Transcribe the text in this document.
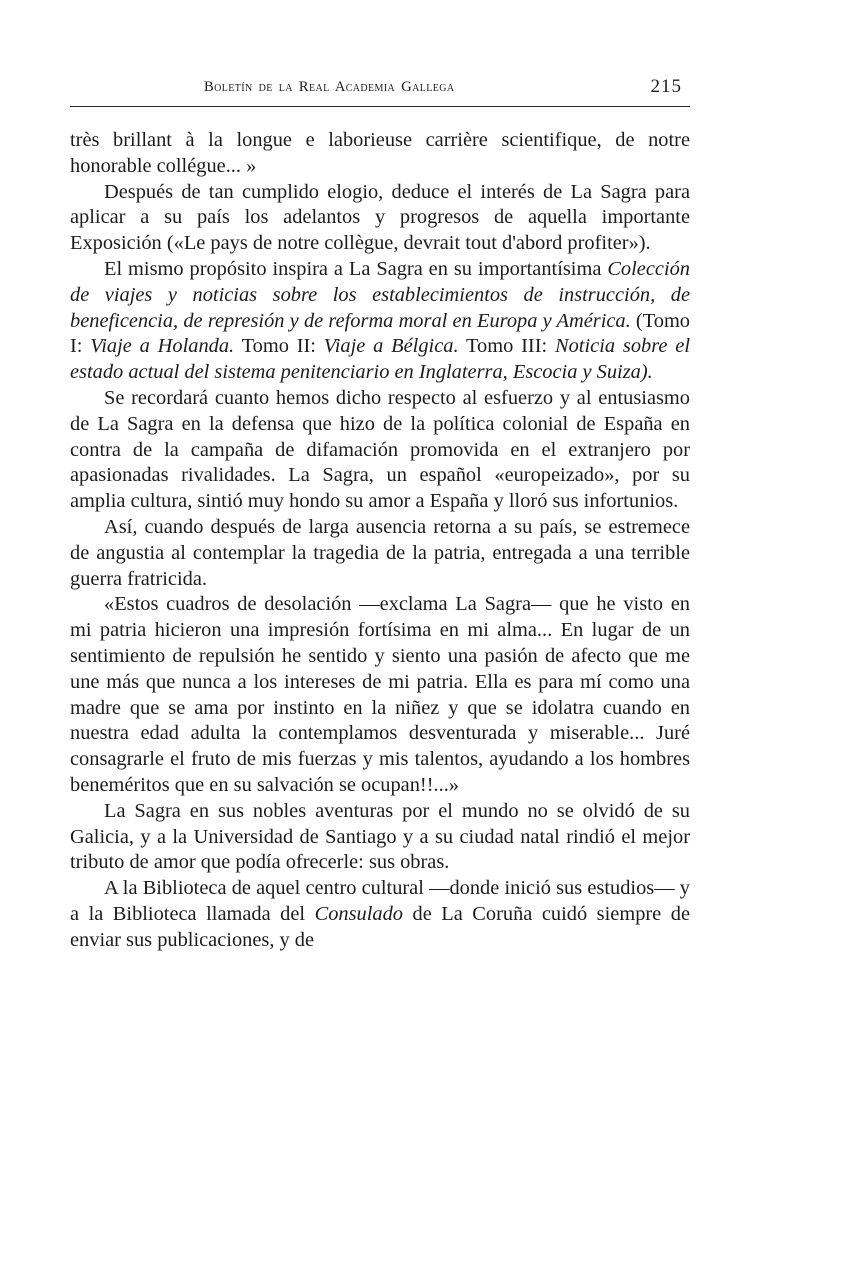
Boletín de la Real Academia Gallega	215

très brillant à la longue e laborieuse carrière scientifique, de notre honorable collégue... »

Después de tan cumplido elogio, deduce el interés de La Sagra para aplicar a su país los adelantos y progresos de aquella importante Exposición («Le pays de notre collègue, devrait tout d'abord profiter»).

El mismo propósito inspira a La Sagra en su importantísima Colección de viajes y noticias sobre los establecimientos de instrucción, de beneficencia, de represión y de reforma moral en Europa y América. (Tomo I: Viaje a Holanda. Tomo II: Viaje a Bélgica. Tomo III: Noticia sobre el estado actual del sistema penitenciario en Inglaterra, Escocia y Suiza).

Se recordará cuanto hemos dicho respecto al esfuerzo y al entusiasmo de La Sagra en la defensa que hizo de la política colonial de España en contra de la campaña de difamación promovida en el extranjero por apasionadas rivalidades. La Sagra, un español «europeizado», por su amplia cultura, sintió muy hondo su amor a España y lloró sus infortunios.

Así, cuando después de larga ausencia retorna a su país, se estremece de angustia al contemplar la tragedia de la patria, entregada a una terrible guerra fratricida.

«Estos cuadros de desolación —exclama La Sagra— que he visto en mi patria hicieron una impresión fortísima en mi alma... En lugar de un sentimiento de repulsión he sentido y siento una pasión de afecto que me une más que nunca a los intereses de mi patria. Ella es para mí como una madre que se ama por instinto en la niñez y que se idolatra cuando en nuestra edad adulta la contemplamos desventurada y miserable... Juré consagrarle el fruto de mis fuerzas y mis talentos, ayudando a los hombres beneméritos que en su salvación se ocupan!!...»

La Sagra en sus nobles aventuras por el mundo no se olvidó de su Galicia, y a la Universidad de Santiago y a su ciudad natal rindió el mejor tributo de amor que podía ofrecerle: sus obras.

A la Biblioteca de aquel centro cultural —donde inició sus estudios— y a la Biblioteca llamada del Consulado de La Coruña cuidó siempre de enviar sus publicaciones, y de
